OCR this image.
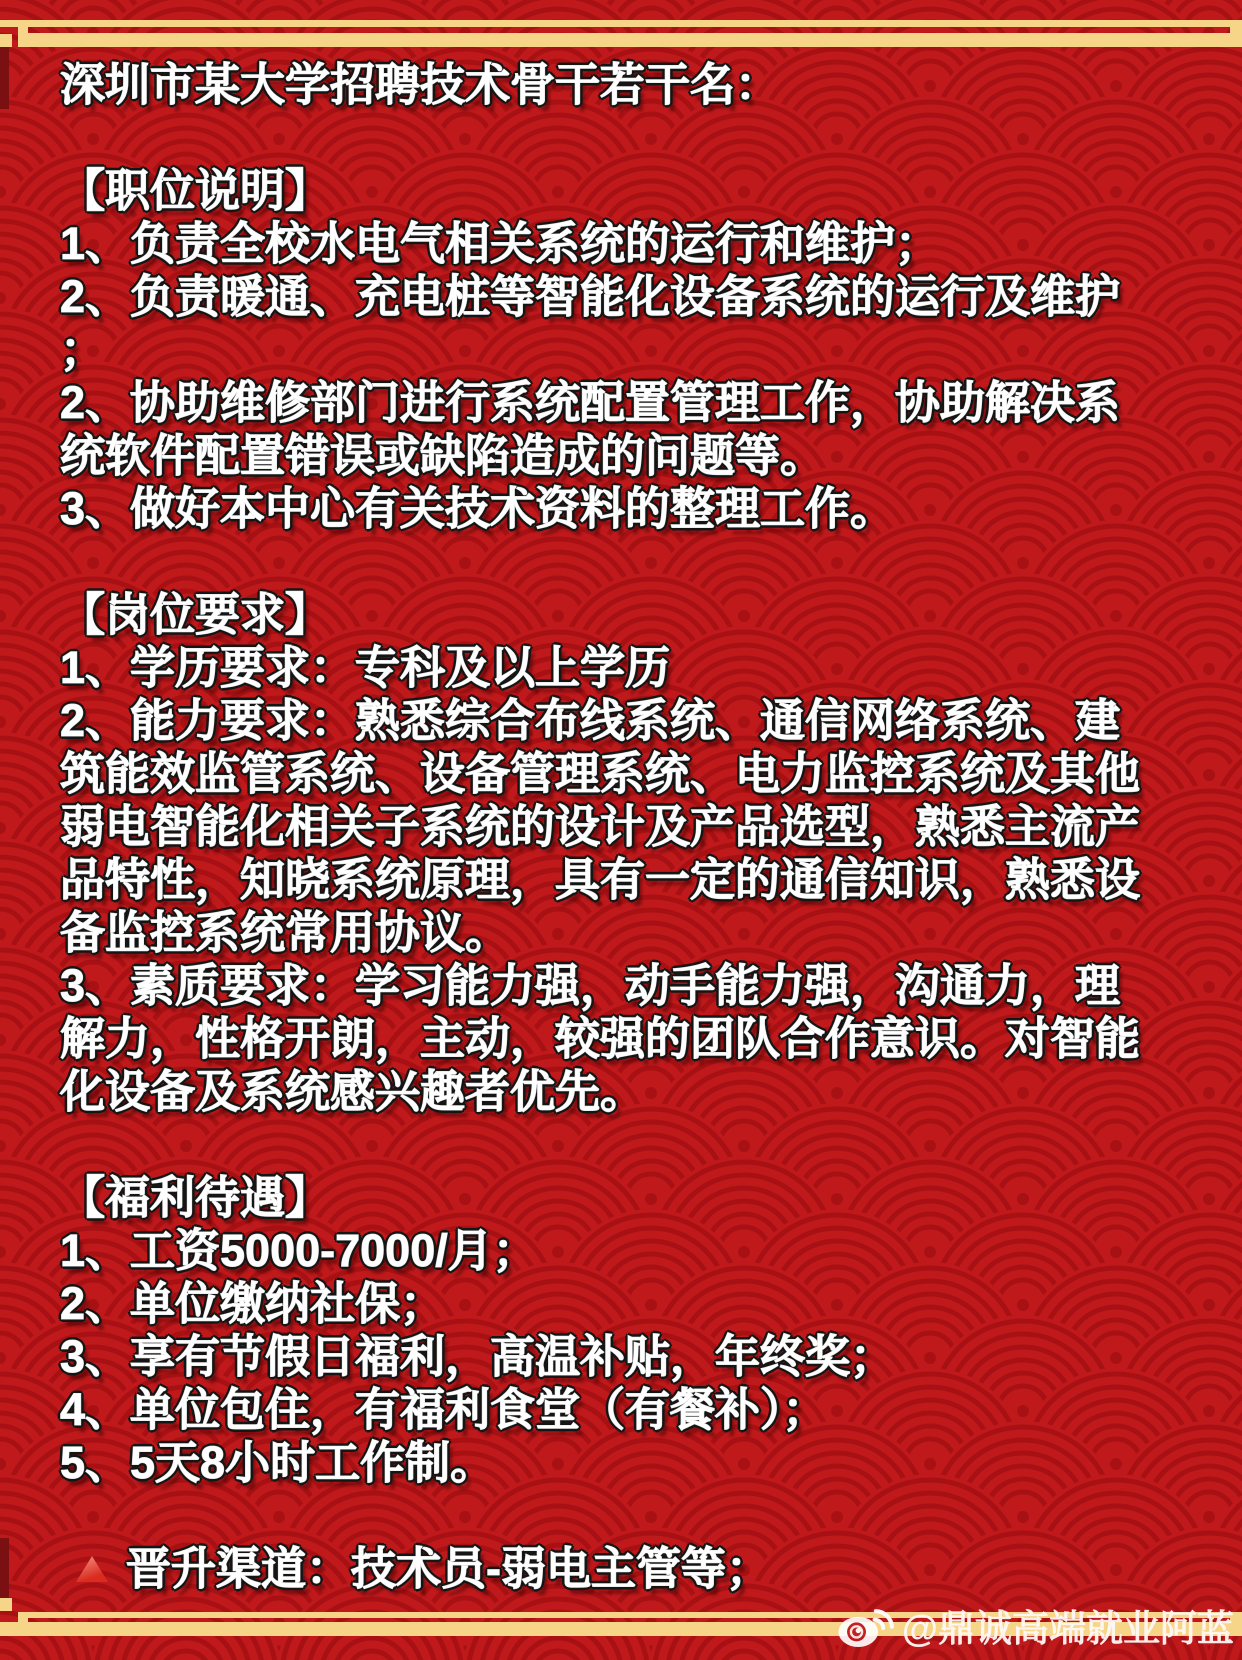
深圳市某大学招聘技术骨干若干名：
【职位说明】
1、负责全校水电气相关系统的运行和维护；
2、负责暖通、充电桩等智能化设备系统的运行及维护
；
2、协助维修部门进行系统配置管理工作，协助解决系
统软件配置错误或缺陷造成的问题等。
3、做好本中心有关技术资料的整理工作。
【岗位要求】
1、学历要求：专科及以上学历
2、能力要求：熟悉综合布线系统、通信网络系统、建
筑能效监管系统、设备管理系统、电力监控系统及其他
弱电智能化相关子系统的设计及产品选型，熟悉主流产
品特性，知晓系统原理，具有一定的通信知识，熟悉设
备监控系统常用协议。
3、素质要求：学习能力强，动手能力强，沟通力，理
解力，性格开朗，主动，较强的团队合作意识。对智能
化设备及系统感兴趣者优先。
【福利待遇】
1、工资5000-7000/月；
2、单位缴纳社保；
3、享有节假日福利，高温补贴，年终奖；
4、单位包住，有福利食堂（有餐补）；
5、5天8小时工作制。
晋升渠道：技术员-弱电主管等；
@鼎诚高端就业阿蓝
